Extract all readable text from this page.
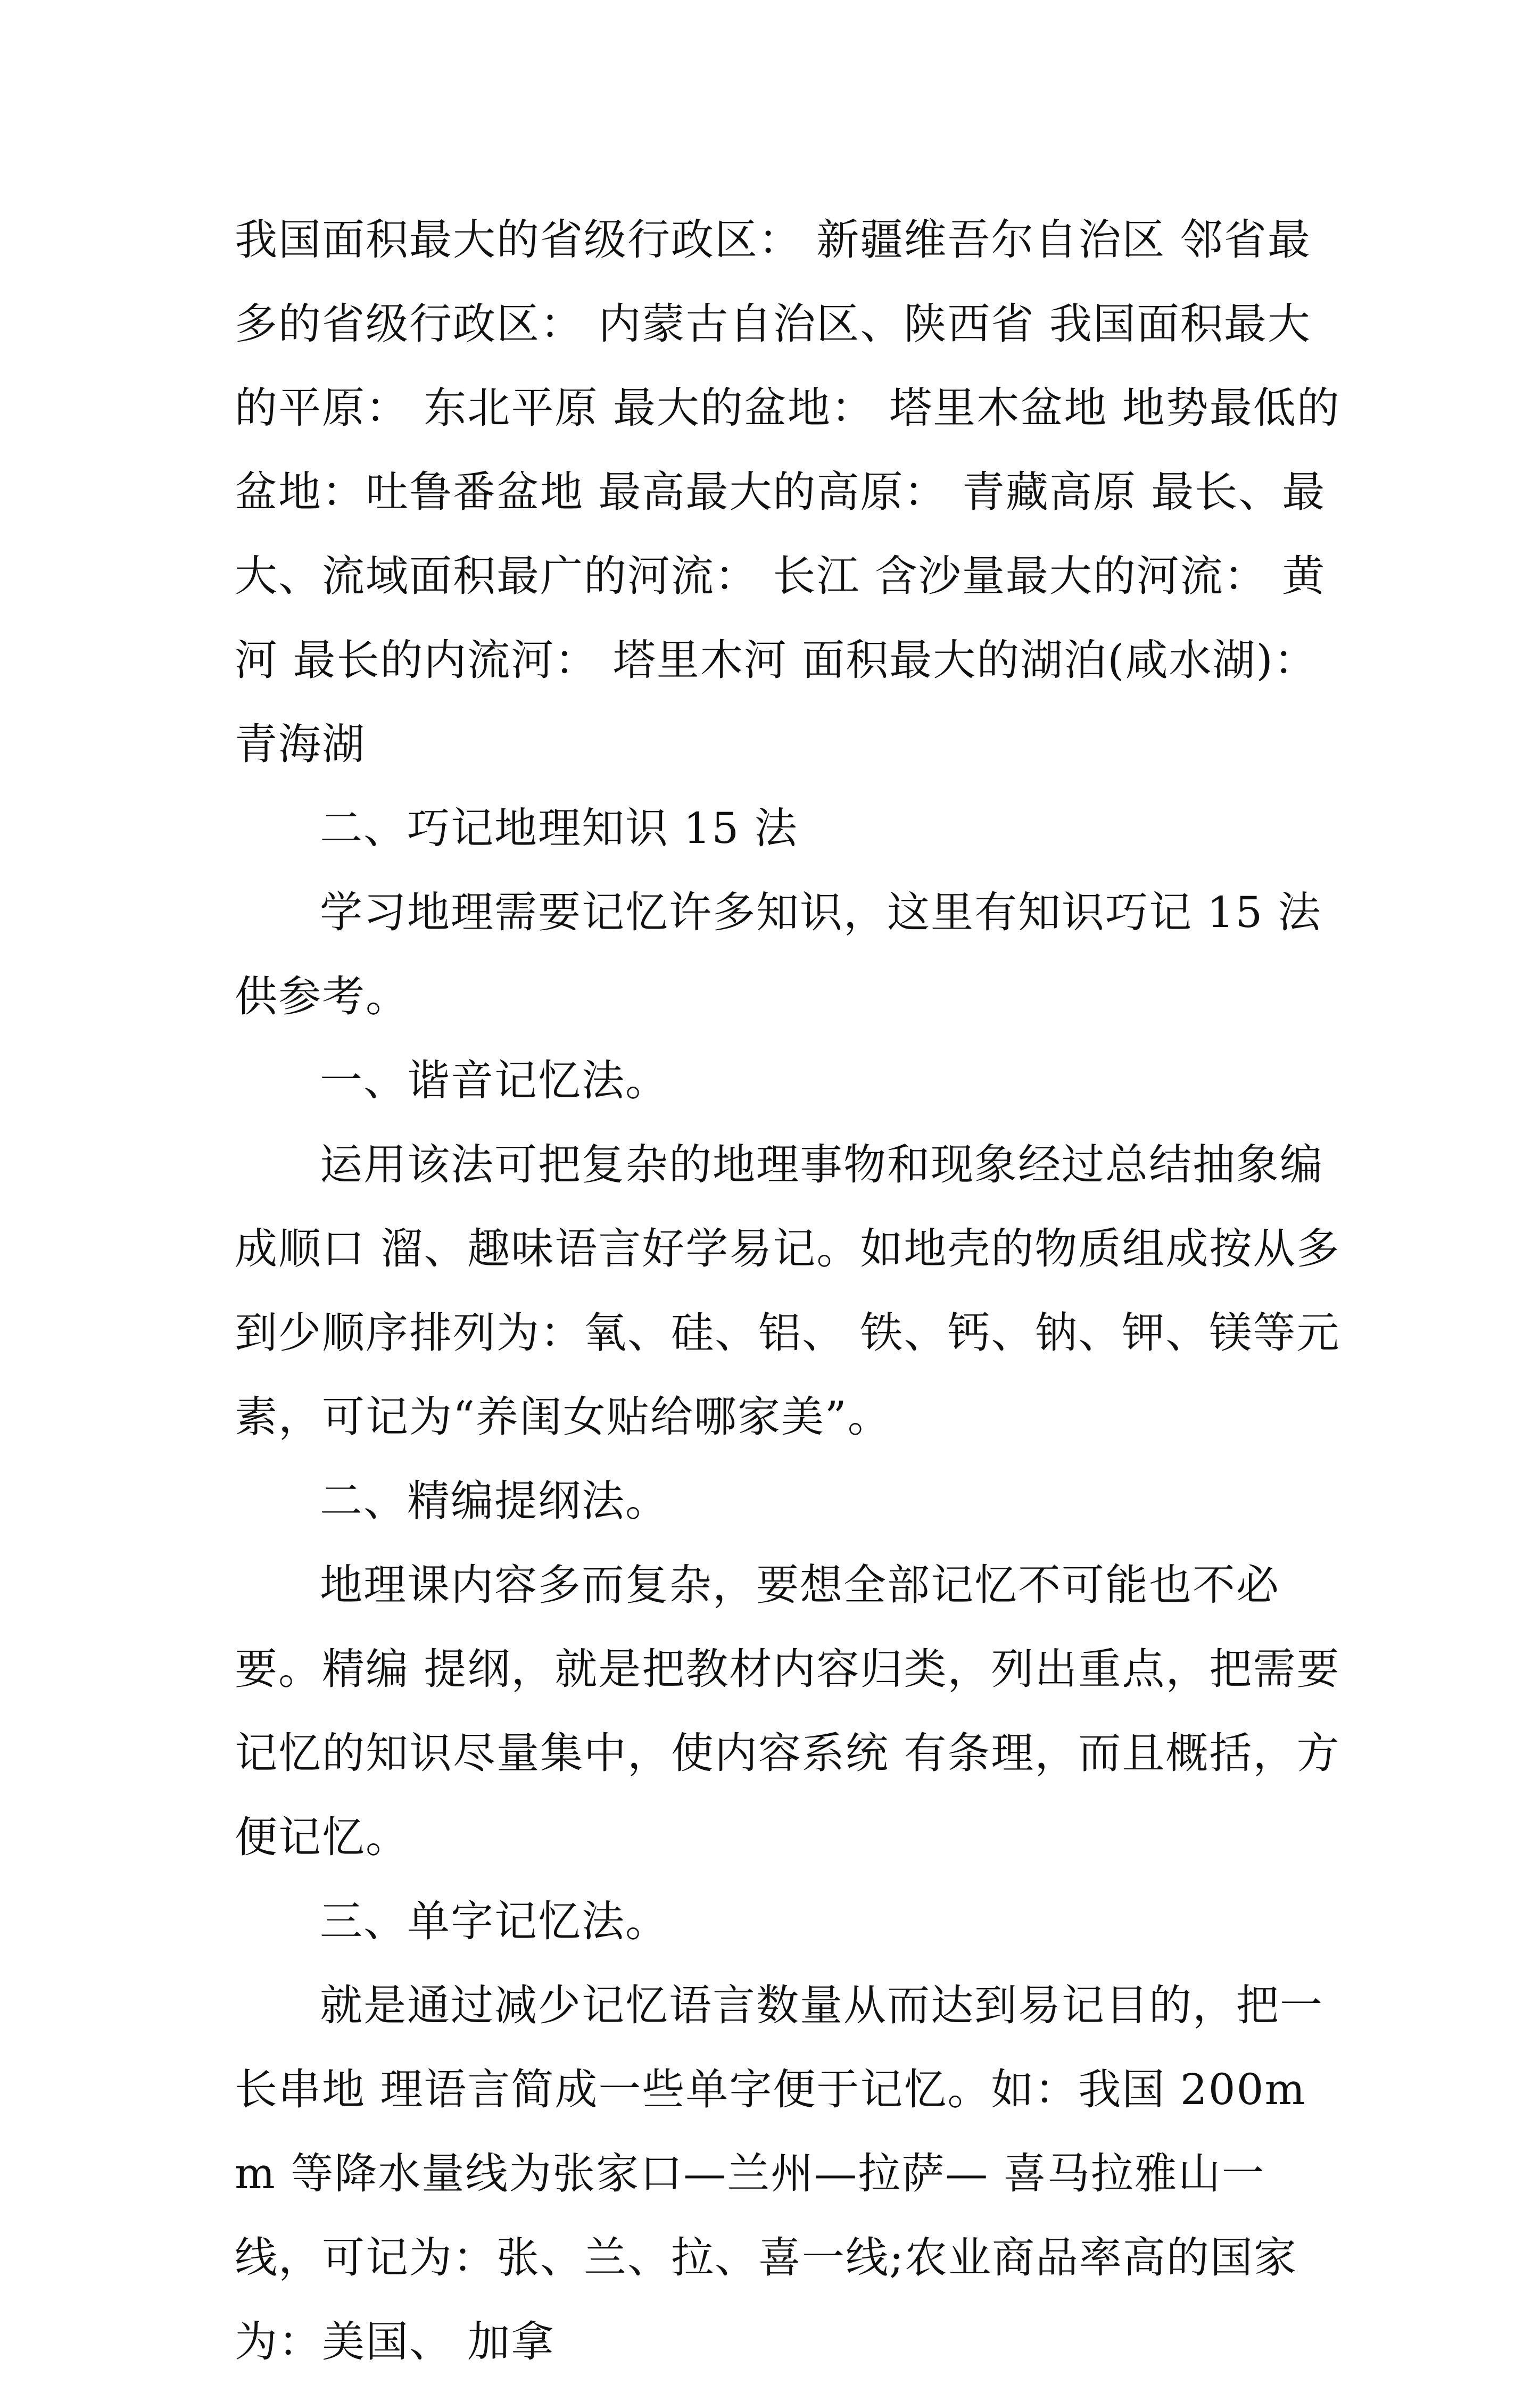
我国面积最大的省级行政区： 新疆维吾尔自治区 邻省最多的省级行政区： 内蒙古自治区、陕西省 我国面积最大的平原： 东北平原 最大的盆地： 塔里木盆地 地势最低的盆地：吐鲁番盆地 最高最大的高原： 青藏高原 最长、最大、流域面积最广的河流： 长江 含沙量最大的河流： 黄河 最长的内流河： 塔里木河 面积最大的湖泊(咸水湖)： 青海湖

二、巧记地理知识 15 法

学习地理需要记忆许多知识，这里有知识巧记 15 法供参考。

一、谐音记忆法。

运用该法可把复杂的地理事物和现象经过总结抽象编成顺口 溜、趣味语言好学易记。如地壳的物质组成按从多到少顺序排列为：氧、硅、铝、 铁、钙、钠、钾、镁等元素，可记为“养闺女贴给哪家美”。

二、精编提纲法。

地理课内容多而复杂，要想全部记忆不可能也不必要。精编 提纲，就是把教材内容归类，列出重点，把需要记忆的知识尽量集中，使内容系统 有条理，而且概括，方便记忆。

三、单字记忆法。

就是通过减少记忆语言数量从而达到易记目的，把一长串地 理语言简成一些单字便于记忆。如：我国 200mm 等降水量线为张家口—兰州—拉萨— 喜马拉雅山一线，可记为：张、兰、拉、喜一线;农业商品率高的国家为：美国、 加拿
